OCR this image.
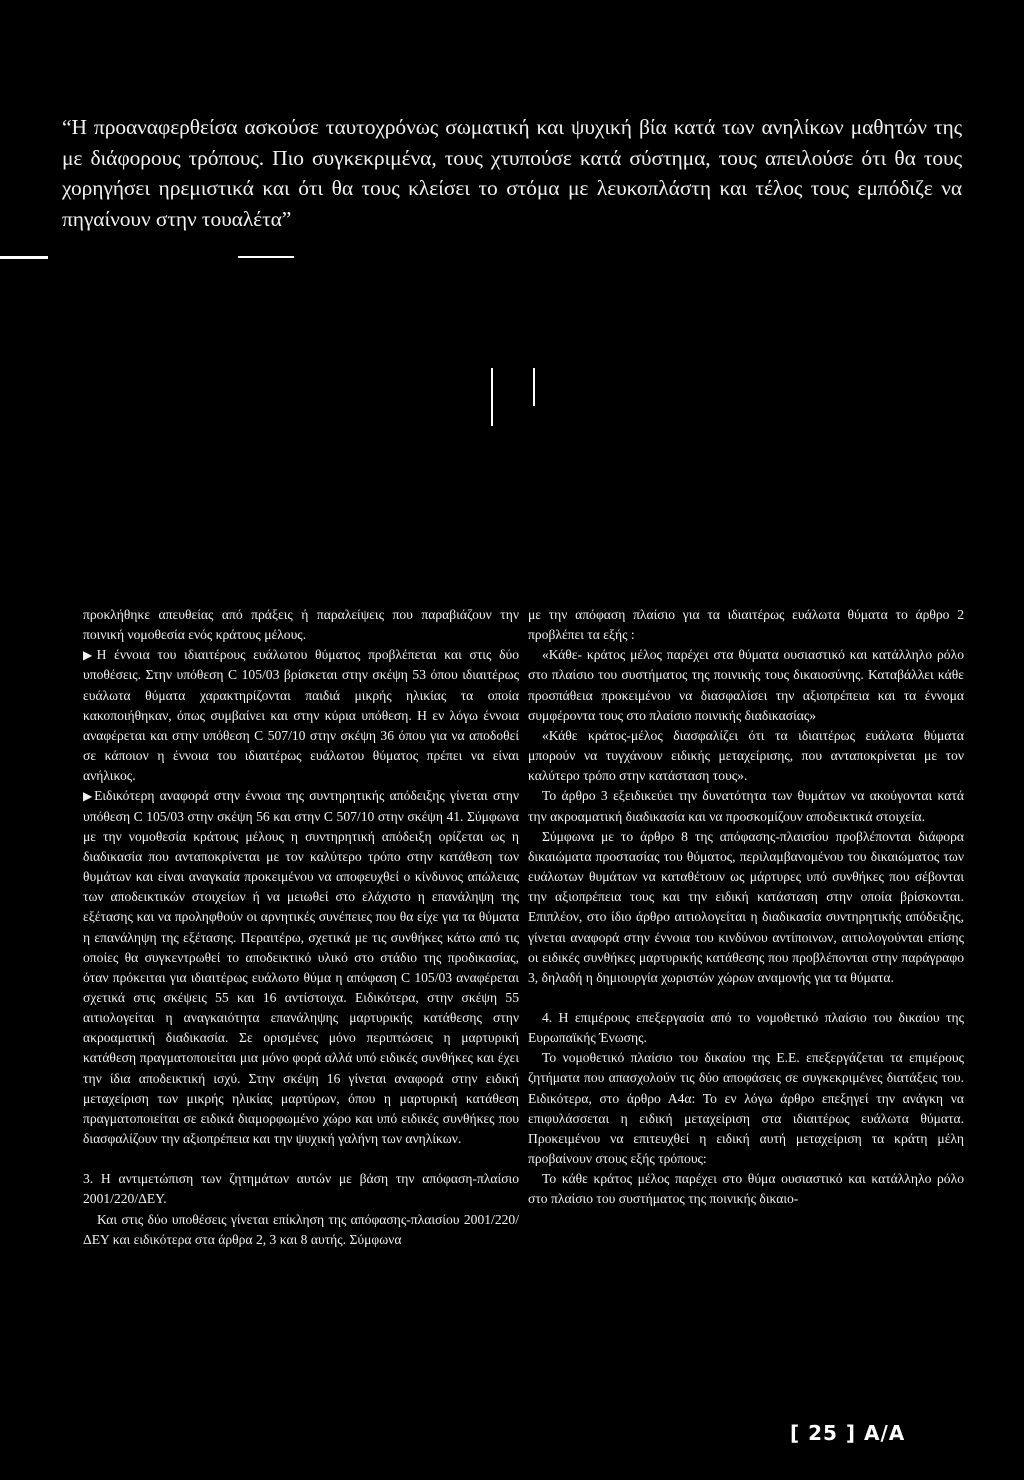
“Η προαναφερθείσα ασκούσε ταυτοχρόνως σωματική και ψυχική βία κατά των ανηλίκων μαθητών της με διάφορους τρόπους. Πιο συγκεκριμένα, τους χτυπούσε κατά σύστημα, τους απειλούσε ότι θα τους χορηγήσει ηρεμιστικά και ότι θα τους κλείσει το στόμα με λευκοπλάστη και τέλος τους εμπόδιζε να πηγαίνουν στην τουαλέτα”

προκλήθηκε απευθείας από πράξεις ή παραλείψεις που παραβιάζουν την ποινική νομοθεσία ενός κράτους μέλους.

▶Η έννοια του ιδιαιτέρους ευάλωτου θύματος προβλέπεται και στις δύο υποθέσεις. Στην υπόθεση C 105/03 βρίσκεται στην σκέψη 53 όπου ιδιαιτέρως ευάλωτα θύματα χαρακτηρίζονται παιδιά μικρής ηλικίας τα οποία κακοποιήθηκαν, όπως συμβαίνει και στην κύρια υπόθεση. Η εν λόγω έννοια αναφέρεται και στην υπόθεση C 507/10 στην σκέψη 36 όπου για να αποδοθεί σε κάποιον η έννοια του ιδιαιτέρως ευάλωτου θύματος πρέπει να είναι ανήλικος.

▶Ειδικότερη αναφορά στην έννοια της συντηρητικής απόδειξης γίνεται στην υπόθεση C 105/03 στην σκέψη 56 και στην C 507/10 στην σκέψη 41. Σύμφωνα με την νομοθεσία κράτους μέλους η συντηρητική απόδειξη ορίζεται ως η διαδικασία που ανταποκρίνεται με τον καλύτερο τρόπο στην κατάθεση των θυμάτων και είναι αναγκαία προκειμένου να αποφευχθεί ο κίνδυνος απώλειας των αποδεικτικών στοιχείων ή να μειωθεί στο ελάχιστο η επανάληψη της εξέτασης και να προληφθούν οι αρνητικές συνέπειες που θα είχε για τα θύματα η επανάληψη της εξέτασης. Περαιτέρω, σχετικά με τις συνθήκες κάτω από τις οποίες θα συγκεντρωθεί το αποδεικτικό υλικό στο στάδιο της προδικασίας, όταν πρόκειται για ιδιαιτέρως ευάλωτο θύμα η απόφαση C 105/03 αναφέρεται σχετικά στις σκέψεις 55 και 16 αντίστοιχα. Ειδικότερα, στην σκέψη 55 αιτιολογείται η αναγκαιότητα επανάληψης μαρτυρικής κατάθεσης στην ακροαματική διαδικασία. Σε ορισμένες μόνο περιπτώσεις η μαρτυρική κατάθεση πραγματοποιείται μια μόνο φορά αλλά υπό ειδικές συνθήκες και έχει την ίδια αποδεικτική ισχύ. Στην σκέψη 16 γίνεται αναφορά στην ειδική μεταχείριση των μικρής ηλικίας μαρτύρων, όπου η μαρτυρική κατάθεση πραγματοποιείται σε ειδικά διαμορφωμένο χώρο και υπό ειδικές συνθήκες που διασφαλίζουν την αξιοπρέπεια και την ψυχική γαλήνη των ανηλίκων.

3. Η αντιμετώπιση των ζητημάτων αυτών με βάση την απόφαση-πλαίσιο 2001/220/ΔΕΥ.

Και στις δύο υποθέσεις γίνεται επίκληση της απόφασης-πλαισίου 2001/220/ΔΕΥ και ειδικότερα στα άρθρα 2, 3 και 8 αυτής. Σύμφωνα

με την απόφαση πλαίσιο για τα ιδιαιτέρως ευάλωτα θύματα το άρθρο 2 προβλέπει τα εξής :

«Κάθε- κράτος μέλος παρέχει στα θύματα ουσιαστικό και κατάλληλο ρόλο στο πλαίσιο του συστήματος της ποινικής τους δικαιοσύνης. Καταβάλλει κάθε προσπάθεια προκειμένου να διασφαλίσει την αξιοπρέπεια και τα έννομα συμφέροντα τους στο πλαίσιο ποινικής διαδικασίας»

«Κάθε κράτος-μέλος διασφαλίζει ότι τα ιδιαιτέρως ευάλωτα θύματα μπορούν να τυγχάνουν ειδικής μεταχείρισης, που ανταποκρίνεται με τον καλύτερο τρόπο στην κατάσταση τους».

Το άρθρο 3 εξειδικεύει την δυνατότητα των θυμάτων να ακούγονται κατά την ακροαματική διαδικασία και να προσκομίζουν αποδεικτικά στοιχεία.

Σύμφωνα με το άρθρο 8 της απόφασης-πλαισίου προβλέπονται διάφορα δικαιώματα προστασίας του θύματος, περιλαμβανομένου του δικαιώματος των ευάλωτων θυμάτων να καταθέτουν ως μάρτυρες υπό συνθήκες που σέβονται την αξιοπρέπεια τους και την ειδική κατάσταση στην οποία βρίσκονται. Επιπλέον, στο ίδιο άρθρο αιτιολογείται η διαδικασία συντηρητικής απόδειξης, γίνεται αναφορά στην έννοια του κινδύνου αντίποινων, αιτιολογούνται επίσης οι ειδικές συνθήκες μαρτυρικής κατάθεσης που προβλέπονται στην παράγραφο 3, δηλαδή η δημιουργία χωριστών χώρων αναμονής για τα θύματα.

4. Η επιμέρους επεξεργασία από το νομοθετικό πλαίσιο του δικαίου της Ευρωπαϊκής Ένωσης.

Το νομοθετικό πλαίσιο του δικαίου της Ε.Ε. επεξεργάζεται τα επιμέρους ζητήματα που απασχολούν τις δύο αποφάσεις σε συγκεκριμένες διατάξεις του. Ειδικότερα, στο άρθρο Α4α: Το εν λόγω άρθρο επεξηγεί την ανάγκη να επιφυλάσσεται η ειδική μεταχείριση στα ιδιαιτέρως ευάλωτα θύματα. Προκειμένου να επιτευχθεί η ειδική αυτή μεταχείριση τα κράτη μέλη προβαίνουν στους εξής τρόπους:

Το κάθε κράτος μέλος παρέχει στο θύμα ουσιαστικό και κατάλληλο ρόλο στο πλαίσιο του συστήματος της ποινικής δικαιο-

[ 25 ] Α/Α
